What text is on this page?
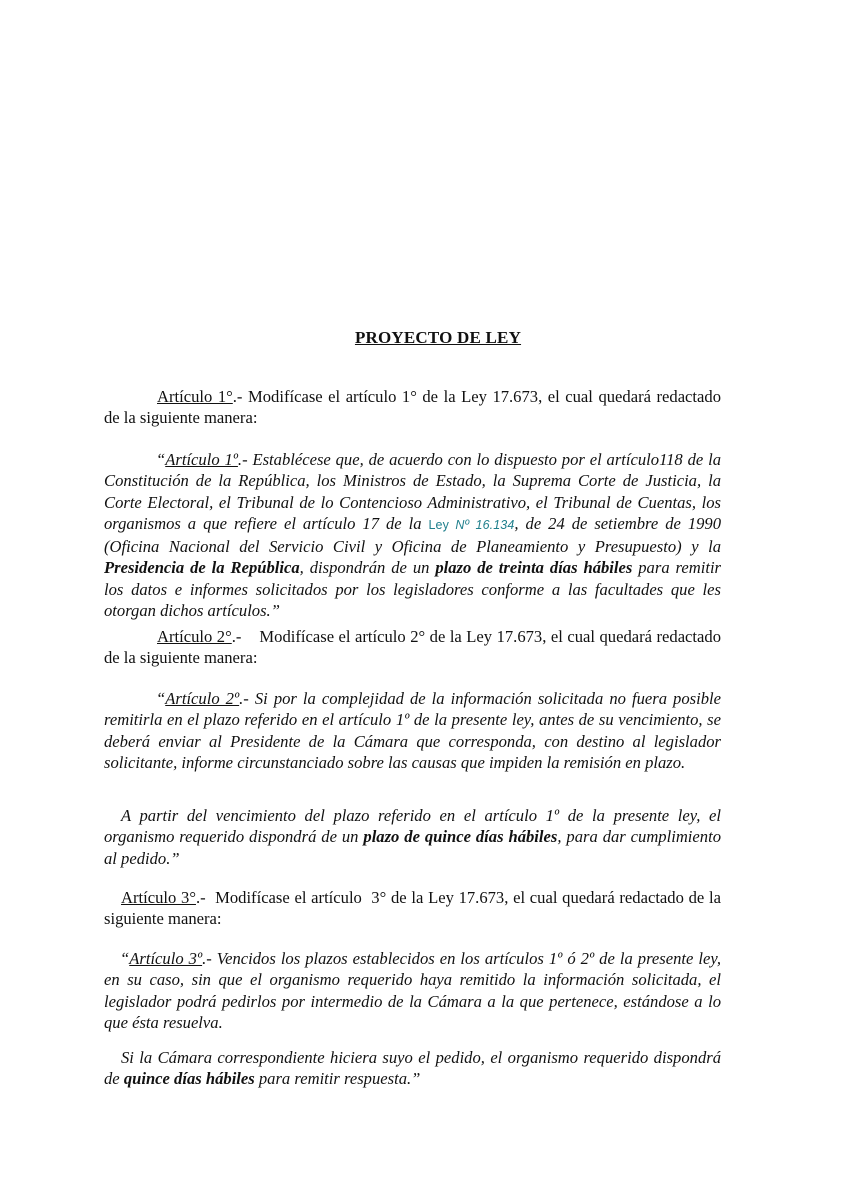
PROYECTO DE LEY
Artículo 1°.- Modifícase el artículo 1° de la Ley 17.673, el cual quedará redactado de la siguiente manera:
“Artículo 1º.- Establécese que, de acuerdo con lo dispuesto por el artículo118 de la Constitución de la República, los Ministros de Estado, la Suprema Corte de Justicia, la Corte Electoral, el Tribunal de lo Contencioso Administrativo, el Tribunal de Cuentas, los organismos a que refiere el artículo 17 de la Ley Nº 16.134, de 24 de setiembre de 1990 (Oficina Nacional del Servicio Civil y Oficina de Planeamiento y Presupuesto) y la Presidencia de la República, dispondrán de un plazo de treinta días hábiles para remitir los datos e informes solicitados por los legisladores conforme a las facultades que les otorgan dichos artículos.”
Artículo 2°.-    Modifícase el artículo 2° de la Ley 17.673, el cual quedará redactado de la siguiente manera:
“Artículo 2º.- Si por la complejidad de la información solicitada no fuera posible remitirla en el plazo referido en el artículo 1º de la presente ley, antes de su vencimiento, se deberá enviar al Presidente de la Cámara que corresponda, con destino al legislador solicitante, informe circunstanciado sobre las causas que impiden la remisión en plazo.
A partir del vencimiento del plazo referido en el artículo 1º de la presente ley, el organismo requerido dispondrá de un plazo de quince días hábiles, para dar cumplimiento al pedido.”
Artículo 3°.-  Modifícase el artículo  3° de la Ley 17.673, el cual quedará redactado de la siguiente manera:
“Artículo 3º.- Vencidos los plazos establecidos en los artículos 1º ó 2º de la presente ley, en su caso, sin que el organismo requerido haya remitido la información solicitada, el legislador podrá pedirlos por intermedio de la Cámara a la que pertenece, estándose a lo que ésta resuelva.
Si la Cámara correspondiente hiciera suyo el pedido, el organismo requerido dispondrá de quince días hábiles para remitir respuesta.”
